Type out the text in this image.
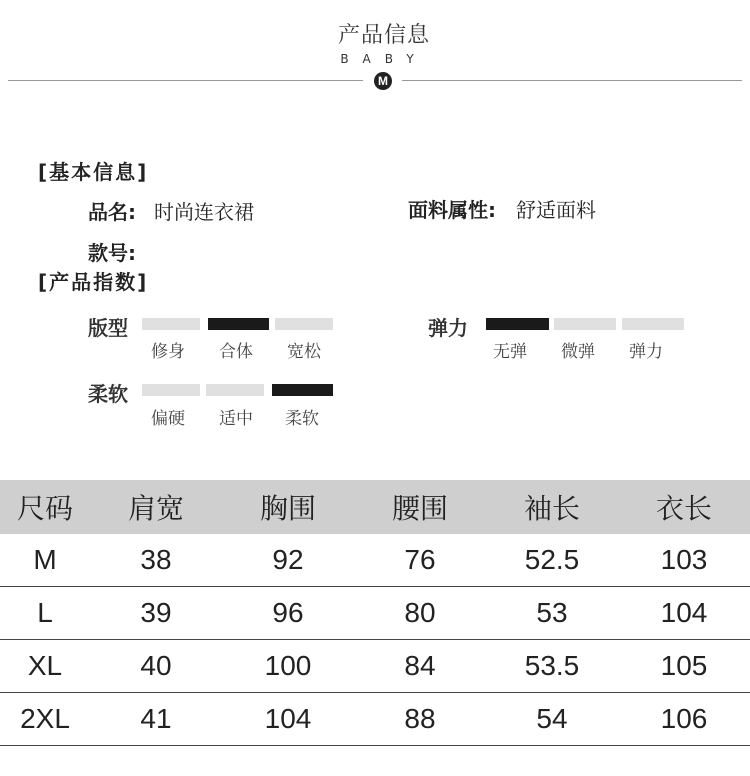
产品信息
BABY
M
[基本信息]
品名: 时尚连衣裙	面料属性: 舒适面料
款号:
[产品指数]
版型
修身	合体	宽松
弹力
无弹	微弹	弹力
柔软
偏硬	适中	柔软
尺码	肩宽	胸围	腰围	袖长	衣长
M	38	92	76	52.5	103
L	39	96	80	53	104
XL	40	100	84	53.5	105
2XL	41	104	88	54	106
